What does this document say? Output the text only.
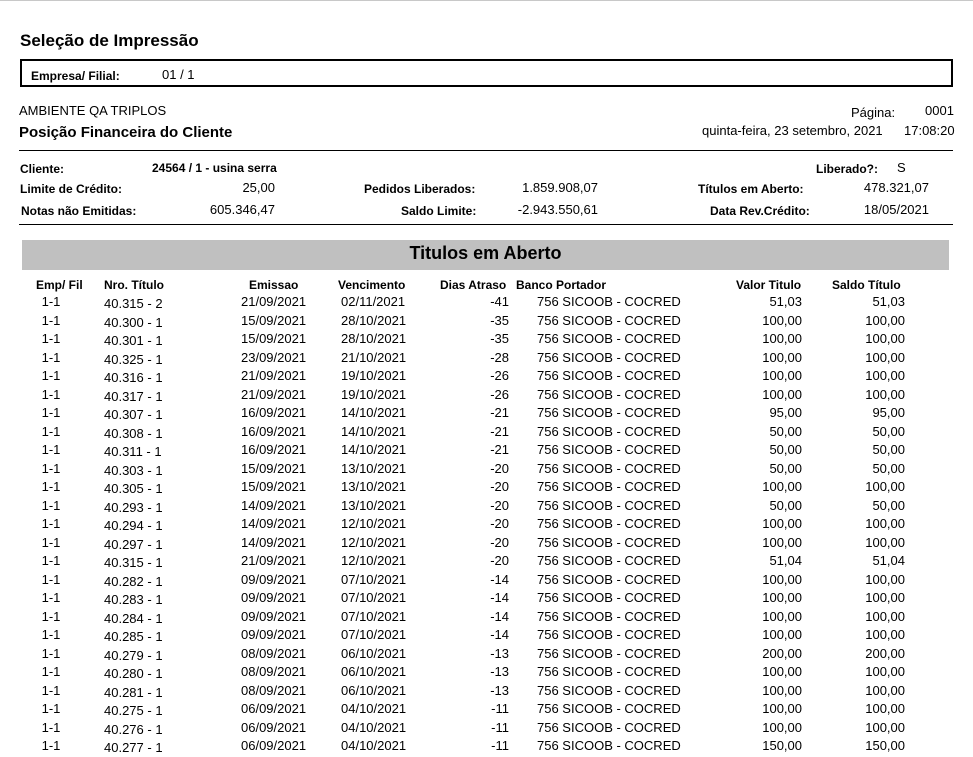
Seleção de Impressão
Empresa/ Filial:	01 / 1
AMBIENTE QA TRIPLOS
Posição Financeira do Cliente
Página: 0001
quinta-feira, 23 setembro, 2021 17:08:20
Cliente:	24564 / 1 - usina serra	Liberado?: S
Limite de Crédito:	25,00	Pedidos Liberados:	1.859.908,07	Títulos em Aberto:	478.321,07
Notas não Emitidas:	605.346,47	Saldo Limite:	-2.943.550,61	Data Rev.Crédito:	18/05/2021
Titulos em Aberto
Emp/ Fil Nro. Título	Emissao	Vencimento	Dias Atraso Banco Portador	Valor Titulo	Saldo Título
1-1	40.315 - 2	21/09/2021	02/11/2021	-41 756 SICOOB - COCRED	51,03	51,03
1-1	40.300 - 1	15/09/2021	28/10/2021	-35 756 SICOOB - COCRED	100,00	100,00
1-1	40.301 - 1	15/09/2021	28/10/2021	-35 756 SICOOB - COCRED	100,00	100,00
1-1	40.325 - 1	23/09/2021	21/10/2021	-28 756 SICOOB - COCRED	100,00	100,00
1-1	40.316 - 1	21/09/2021	19/10/2021	-26 756 SICOOB - COCRED	100,00	100,00
1-1	40.317 - 1	21/09/2021	19/10/2021	-26 756 SICOOB - COCRED	100,00	100,00
1-1	40.307 - 1	16/09/2021	14/10/2021	-21 756 SICOOB - COCRED	95,00	95,00
1-1	40.308 - 1	16/09/2021	14/10/2021	-21 756 SICOOB - COCRED	50,00	50,00
1-1	40.311 - 1	16/09/2021	14/10/2021	-21 756 SICOOB - COCRED	50,00	50,00
1-1	40.303 - 1	15/09/2021	13/10/2021	-20 756 SICOOB - COCRED	50,00	50,00
1-1	40.305 - 1	15/09/2021	13/10/2021	-20 756 SICOOB - COCRED	100,00	100,00
1-1	40.293 - 1	14/09/2021	13/10/2021	-20 756 SICOOB - COCRED	50,00	50,00
1-1	40.294 - 1	14/09/2021	12/10/2021	-20 756 SICOOB - COCRED	100,00	100,00
1-1	40.297 - 1	14/09/2021	12/10/2021	-20 756 SICOOB - COCRED	100,00	100,00
1-1	40.315 - 1	21/09/2021	12/10/2021	-20 756 SICOOB - COCRED	51,04	51,04
1-1	40.282 - 1	09/09/2021	07/10/2021	-14 756 SICOOB - COCRED	100,00	100,00
1-1	40.283 - 1	09/09/2021	07/10/2021	-14 756 SICOOB - COCRED	100,00	100,00
1-1	40.284 - 1	09/09/2021	07/10/2021	-14 756 SICOOB - COCRED	100,00	100,00
1-1	40.285 - 1	09/09/2021	07/10/2021	-14 756 SICOOB - COCRED	100,00	100,00
1-1	40.279 - 1	08/09/2021	06/10/2021	-13 756 SICOOB - COCRED	200,00	200,00
1-1	40.280 - 1	08/09/2021	06/10/2021	-13 756 SICOOB - COCRED	100,00	100,00
1-1	40.281 - 1	08/09/2021	06/10/2021	-13 756 SICOOB - COCRED	100,00	100,00
1-1	40.275 - 1	06/09/2021	04/10/2021	-11 756 SICOOB - COCRED	100,00	100,00
1-1	40.276 - 1	06/09/2021	04/10/2021	-11 756 SICOOB - COCRED	100,00	100,00
1-1	40.277 - 1	06/09/2021	04/10/2021	-11 756 SICOOB - COCRED	150,00	150,00
